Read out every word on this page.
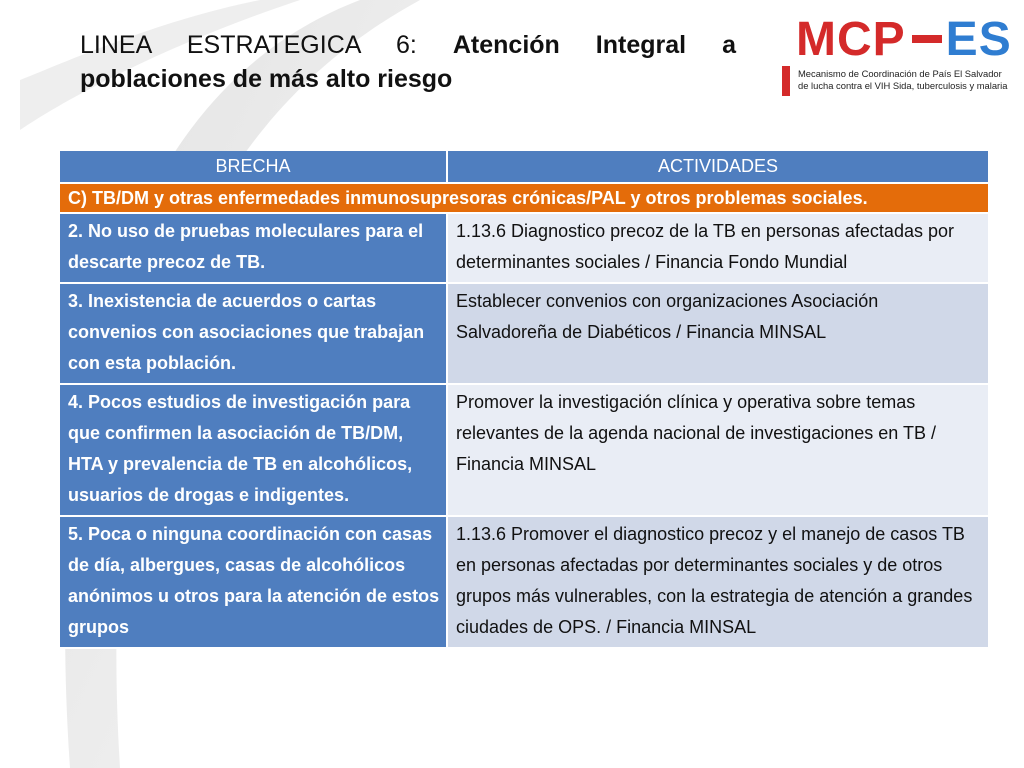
LINEA ESTRATEGICA 6: Atención Integral a poblaciones de más alto riesgo
MCP ES
Mecanismo de Coordinación de País El Salvador
de lucha contra el VIH Sida, tuberculosis y malaria
BRECHA	ACTIVIDADES
C) TB/DM y otras enfermedades inmunosupresoras crónicas/PAL y otros problemas sociales.	
2. No uso de pruebas moleculares para el descarte precoz de TB.	1.13.6 Diagnostico precoz de la TB en personas afectadas por determinantes sociales / Financia Fondo Mundial
3. Inexistencia de acuerdos o cartas convenios con asociaciones que trabajan con esta población.	Establecer convenios con organizaciones Asociación Salvadoreña de Diabéticos / Financia MINSAL
4. Pocos estudios de investigación para que confirmen la asociación de TB/DM, HTA y prevalencia de TB en alcohólicos, usuarios de drogas e indigentes.	Promover la investigación clínica y operativa sobre temas relevantes de la agenda nacional de investigaciones en TB / Financia MINSAL
5. Poca o ninguna coordinación con casas de día, albergues, casas de alcohólicos anónimos u otros para la atención de estos grupos	1.13.6 Promover el diagnostico precoz y el manejo de casos TB en personas afectadas por determinantes sociales y de otros grupos más vulnerables, con la estrategia de atención a grandes ciudades de OPS. / Financia MINSAL
